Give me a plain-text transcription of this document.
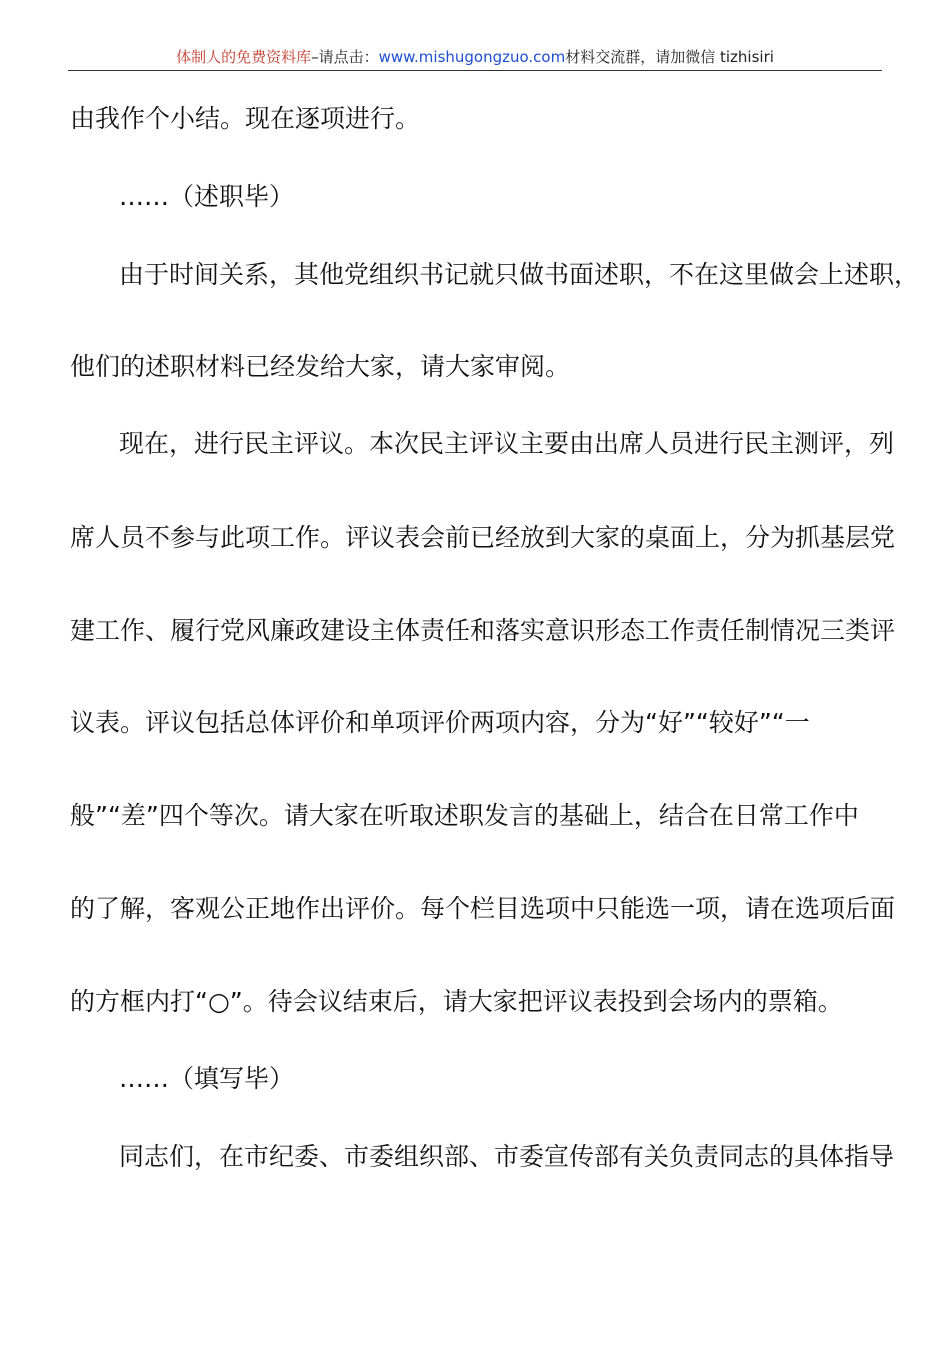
体制人的免费资料库–请点击：www.mishugongzuo.com材料交流群，请加微信 tizhisiri
由我作个小结。现在逐项进行。
……（述职毕）
由于时间关系，其他党组织书记就只做书面述职，不在这里做会上述职，
他们的述职材料已经发给大家，请大家审阅。
现在，进行民主评议。本次民主评议主要由出席人员进行民主测评，列
席人员不参与此项工作。评议表会前已经放到大家的桌面上，分为抓基层党
建工作、履行党风廉政建设主体责任和落实意识形态工作责任制情况三类评
议表。评议包括总体评价和单项评价两项内容，分为“好”“较好”“一
般”“差”四个等次。请大家在听取述职发言的基础上，结合在日常工作中
的了解，客观公正地作出评价。每个栏目选项中只能选一项，请在选项后面
的方框内打“○”。待会议结束后，请大家把评议表投到会场内的票箱。
……（填写毕）
同志们，在市纪委、市委组织部、市委宣传部有关负责同志的具体指导
